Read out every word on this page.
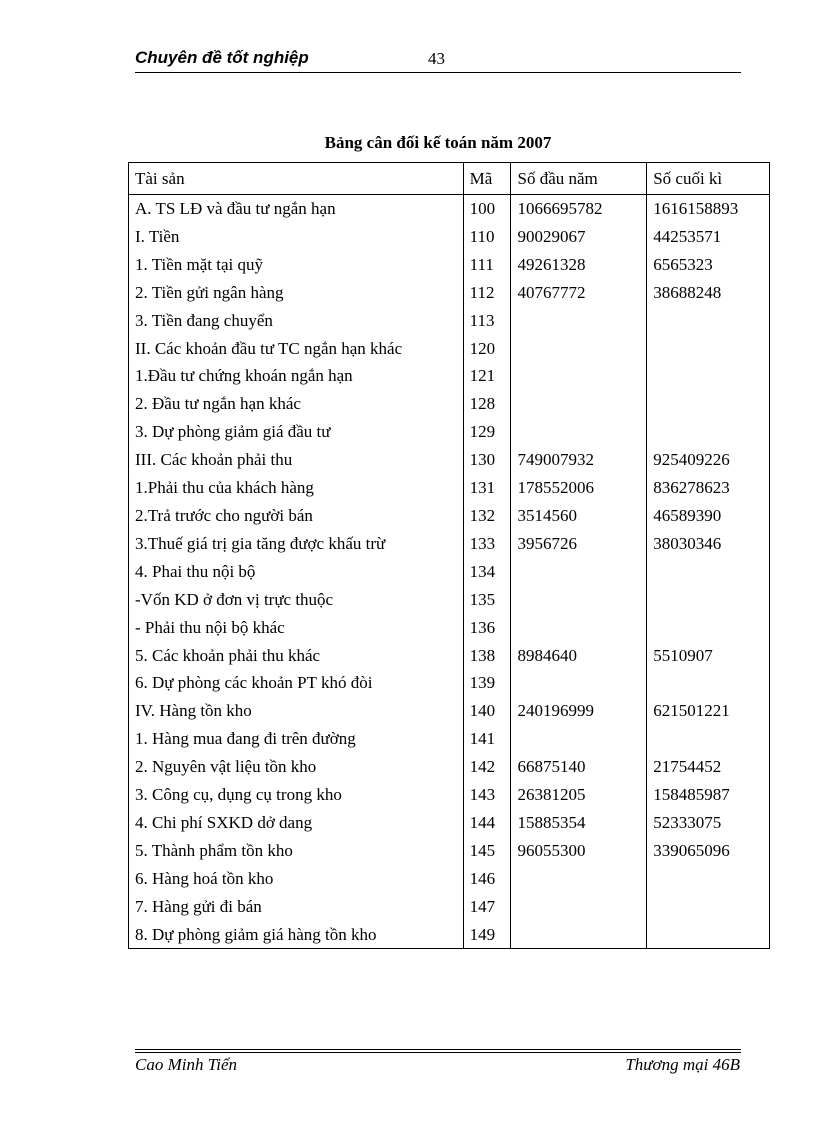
Chuyên đề tốt nghiệp	43
Bảng cân đối kế toán năm 2007
Tài sản	Mã	Số đầu năm	Số cuối kì
A. TS LĐ và đầu tư ngắn hạn	100	1066695782	1616158893
I. Tiền	110	90029067	44253571
1. Tiền mặt tại quỹ	111	49261328	6565323
2. Tiền gửi ngân hàng	112	40767772	38688248
3. Tiền đang chuyển	113		
II. Các khoản đầu tư TC ngắn hạn khác	120		
1.Đầu tư chứng khoán ngắn hạn	121		
2. Đầu tư ngắn hạn khác	128		
3. Dự phòng giảm giá đầu tư	129		
III. Các khoản phải thu	130	749007932	925409226
1.Phải thu của khách hàng	131	178552006	836278623
2.Trả trước cho người bán	132	3514560	46589390
3.Thuế giá trị gia tăng được khấu trừ	133	3956726	38030346
4. Phai thu nội bộ	134		
-Vốn KD ở đơn vị trực thuộc	135		
- Phải thu nội bộ khác	136		
5. Các khoản phải thu khác	138	8984640	5510907
6. Dự phòng các khoản PT khó đòi	139		
IV. Hàng tồn kho	140	240196999	621501221
1. Hàng mua đang đi trên đường	141		
2. Nguyên vật liệu tồn kho	142	66875140	21754452
3. Công cụ, dụng cụ trong kho	143	26381205	158485987
4. Chi phí SXKD dở dang	144	15885354	52333075
5. Thành phẩm tồn kho	145	96055300	339065096
6. Hàng hoá tồn kho	146		
7. Hàng gửi đi bán	147		
8. Dự phòng giảm giá hàng tồn kho	149		
Cao Minh Tiến	Thương mại 46B
